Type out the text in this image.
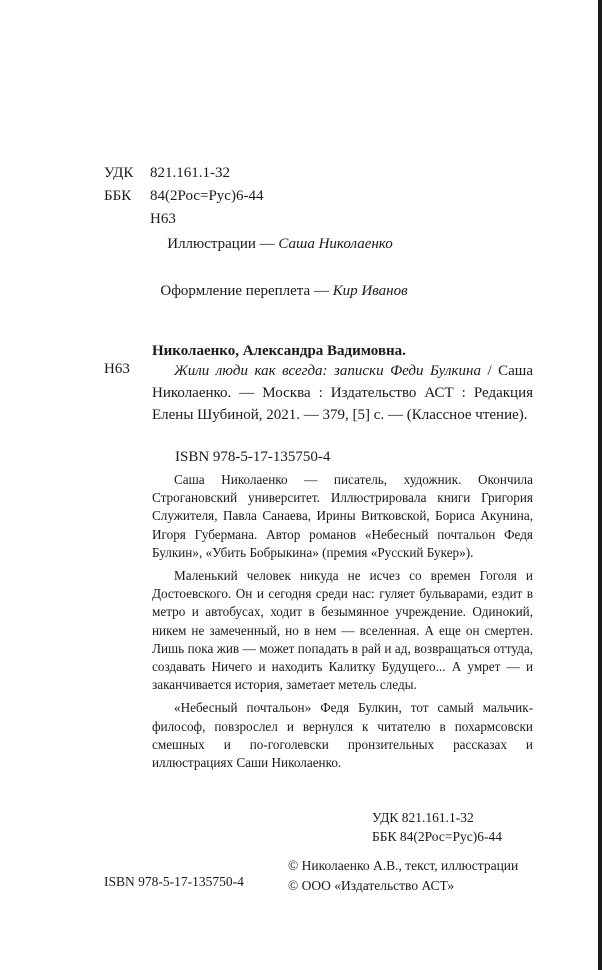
УДК	821.161.1-32
ББК	84(2Рос=Рус)6-44
Н63
Иллюстрации — Саша Николаенко
Оформление переплета — Кир Иванов
Николаенко, Александра Вадимовна.
Н63	Жили люди как всегда: записки Феди Булкина / Саша Николаенко. — Москва : Издательство АСТ : Редакция Елены Шубиной, 2021. — 379, [5] с. — (Классное чтение).
ISBN 978-5-17-135750-4

Саша Николаенко — писатель, художник. Окончила Строгановский университет. Иллюстрировала книги Григория Служителя, Павла Санаева, Ирины Витковской, Бориса Акунина, Игоря Губермана. Автор романов «Небесный почтальон Федя Булкин», «Убить Бобрыкина» (премия «Русский Букер»).

Маленький человек никуда не исчез со времен Гоголя и Достоевского. Он и сегодня среди нас: гуляет бульварами, ездит в метро и автобусах, ходит в безымянное учреждение. Одинокий, никем не замеченный, но в нем — вселенная. А еще он смертен. Лишь пока жив — может попадать в рай и ад, возвращаться оттуда, создавать Ничего и находить Калитку Будущего... А умрет — и заканчивается история, заметает метель следы.

«Небесный почтальон» Федя Булкин, тот самый мальчик-философ, повзрослел и вернулся к читателю в похармсовски смешных и по-гоголевски пронзительных рассказах и иллюстрациях Саши Николаенко.

УДК 821.161.1-32
ББК 84(2Рос=Рус)6-44
© Николаенко А.В., текст, иллюстрации
© ООО «Издательство АСТ»
ISBN 978-5-17-135750-4
